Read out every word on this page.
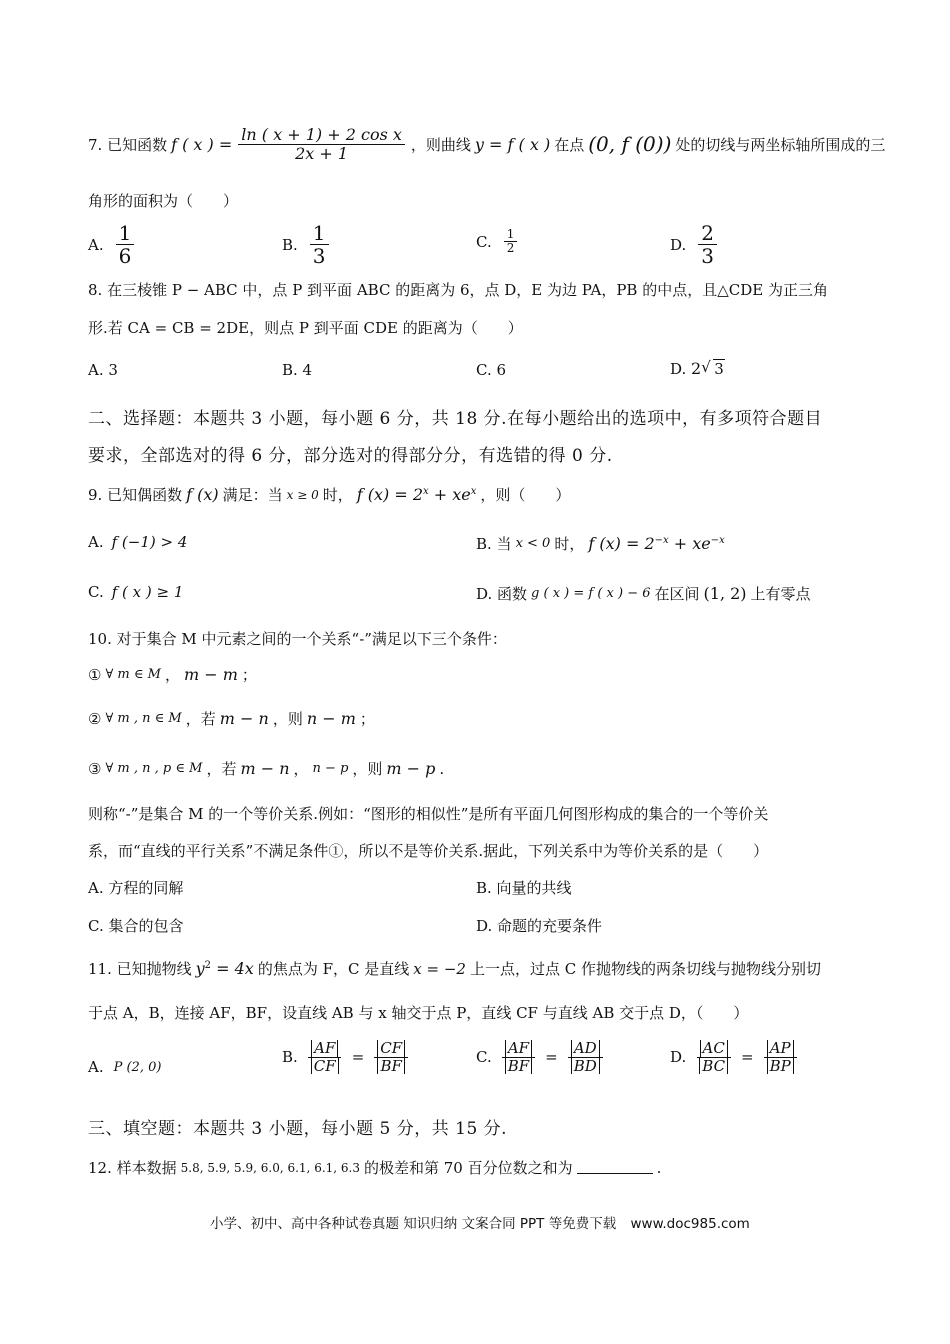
7. 已知函数 f ( x ) = $\frac{\text{ln ( x + 1) + 2 cos x}}{2x + 1}$ ，则曲线 y = f ( x ) 在点 (0, f (0)) 处的切线与两坐标轴所围成的三
角形的面积为（　　）
A. $\frac{1}{6}$	B. $\frac{1}{3}$	C. $\frac{1}{2}$	D. $\frac{2}{3}$
8. 在三棱锥 P − ABC 中，点 P 到平面 ABC 的距离为 6，点 D，E 为边 PA，PB 的中点，且△CDE 为正三角
形.若 CA = CB = 2DE，则点 P 到平面 CDE 的距离为（　　）
A. 3	B. 4	C. 6	D. 2√ 3
二、选择题：本题共 3 小题，每小题 6 分，共 18 分.在每小题给出的选项中，有多项符合题目
要求，全部选对的得 6 分，部分选对的得部分分，有选错的得 0 分.
9. 已知偶函数 f (x) 满足：当 x ≥ 0 时， f $(x) = 2^x + xe^x$ ，则（　　）
A. f (−1) > 4	B. 当 x < 0 时， f $(x) = 2^{-x} + xe^{-x}$
C. f ( x ) ≥ 1	D. 函数 g ( x ) = f ( x ) − 6 在区间 (1, 2) 上有零点
10. 对于集合 M 中元素之间的一个关系“-”满足以下三个条件：
① ∀ m ∈ M ， m − m ；
② ∀ m , n ∈ M ，若 m − n ，则 n − m ；
③ ∀ m , n , p ∈ M ，若 m − n ， n − p ，则 m − p .
则称“-”是集合 M 的一个等价关系.例如：“图形的相似性”是所有平面几何图形构成的集合的一个等价关
系，而“直线的平行关系”不满足条件①，所以不是等价关系.据此，下列关系中为等价关系的是（　　）
A. 方程的同解	B. 向量的共线
C. 集合的包含	D. 命题的充要条件
11. 已知抛物线 $y^2 = 4x$ 的焦点为 F，C 是直线 x = −2 上一点，过点 C 作抛物线的两条切线与抛物线分别切
于点 A，B，连接 AF，BF，设直线 AB 与 x 轴交于点 P，直线 CF 与直线 AB 交于点 D，（　　）
A. P (2, 0)
B. $\frac{AF}{CF} = \frac{CF}{BF}$	C. $\frac{AF}{BF} = \frac{AD}{BD}$	D. $\frac{AC}{BC} = \frac{AP}{BP}$
三、填空题：本题共 3 小题，每小题 5 分，共 15 分.
12. 样本数据 5.8, 5.9, 5.9, 6.0, 6.1, 6.1, 6.3 的极差和第 70 百分位数之和为	.
小学、初中、高中各种试卷真题 知识归纳 文案合同 PPT 等免费下载 www.doc985.com
